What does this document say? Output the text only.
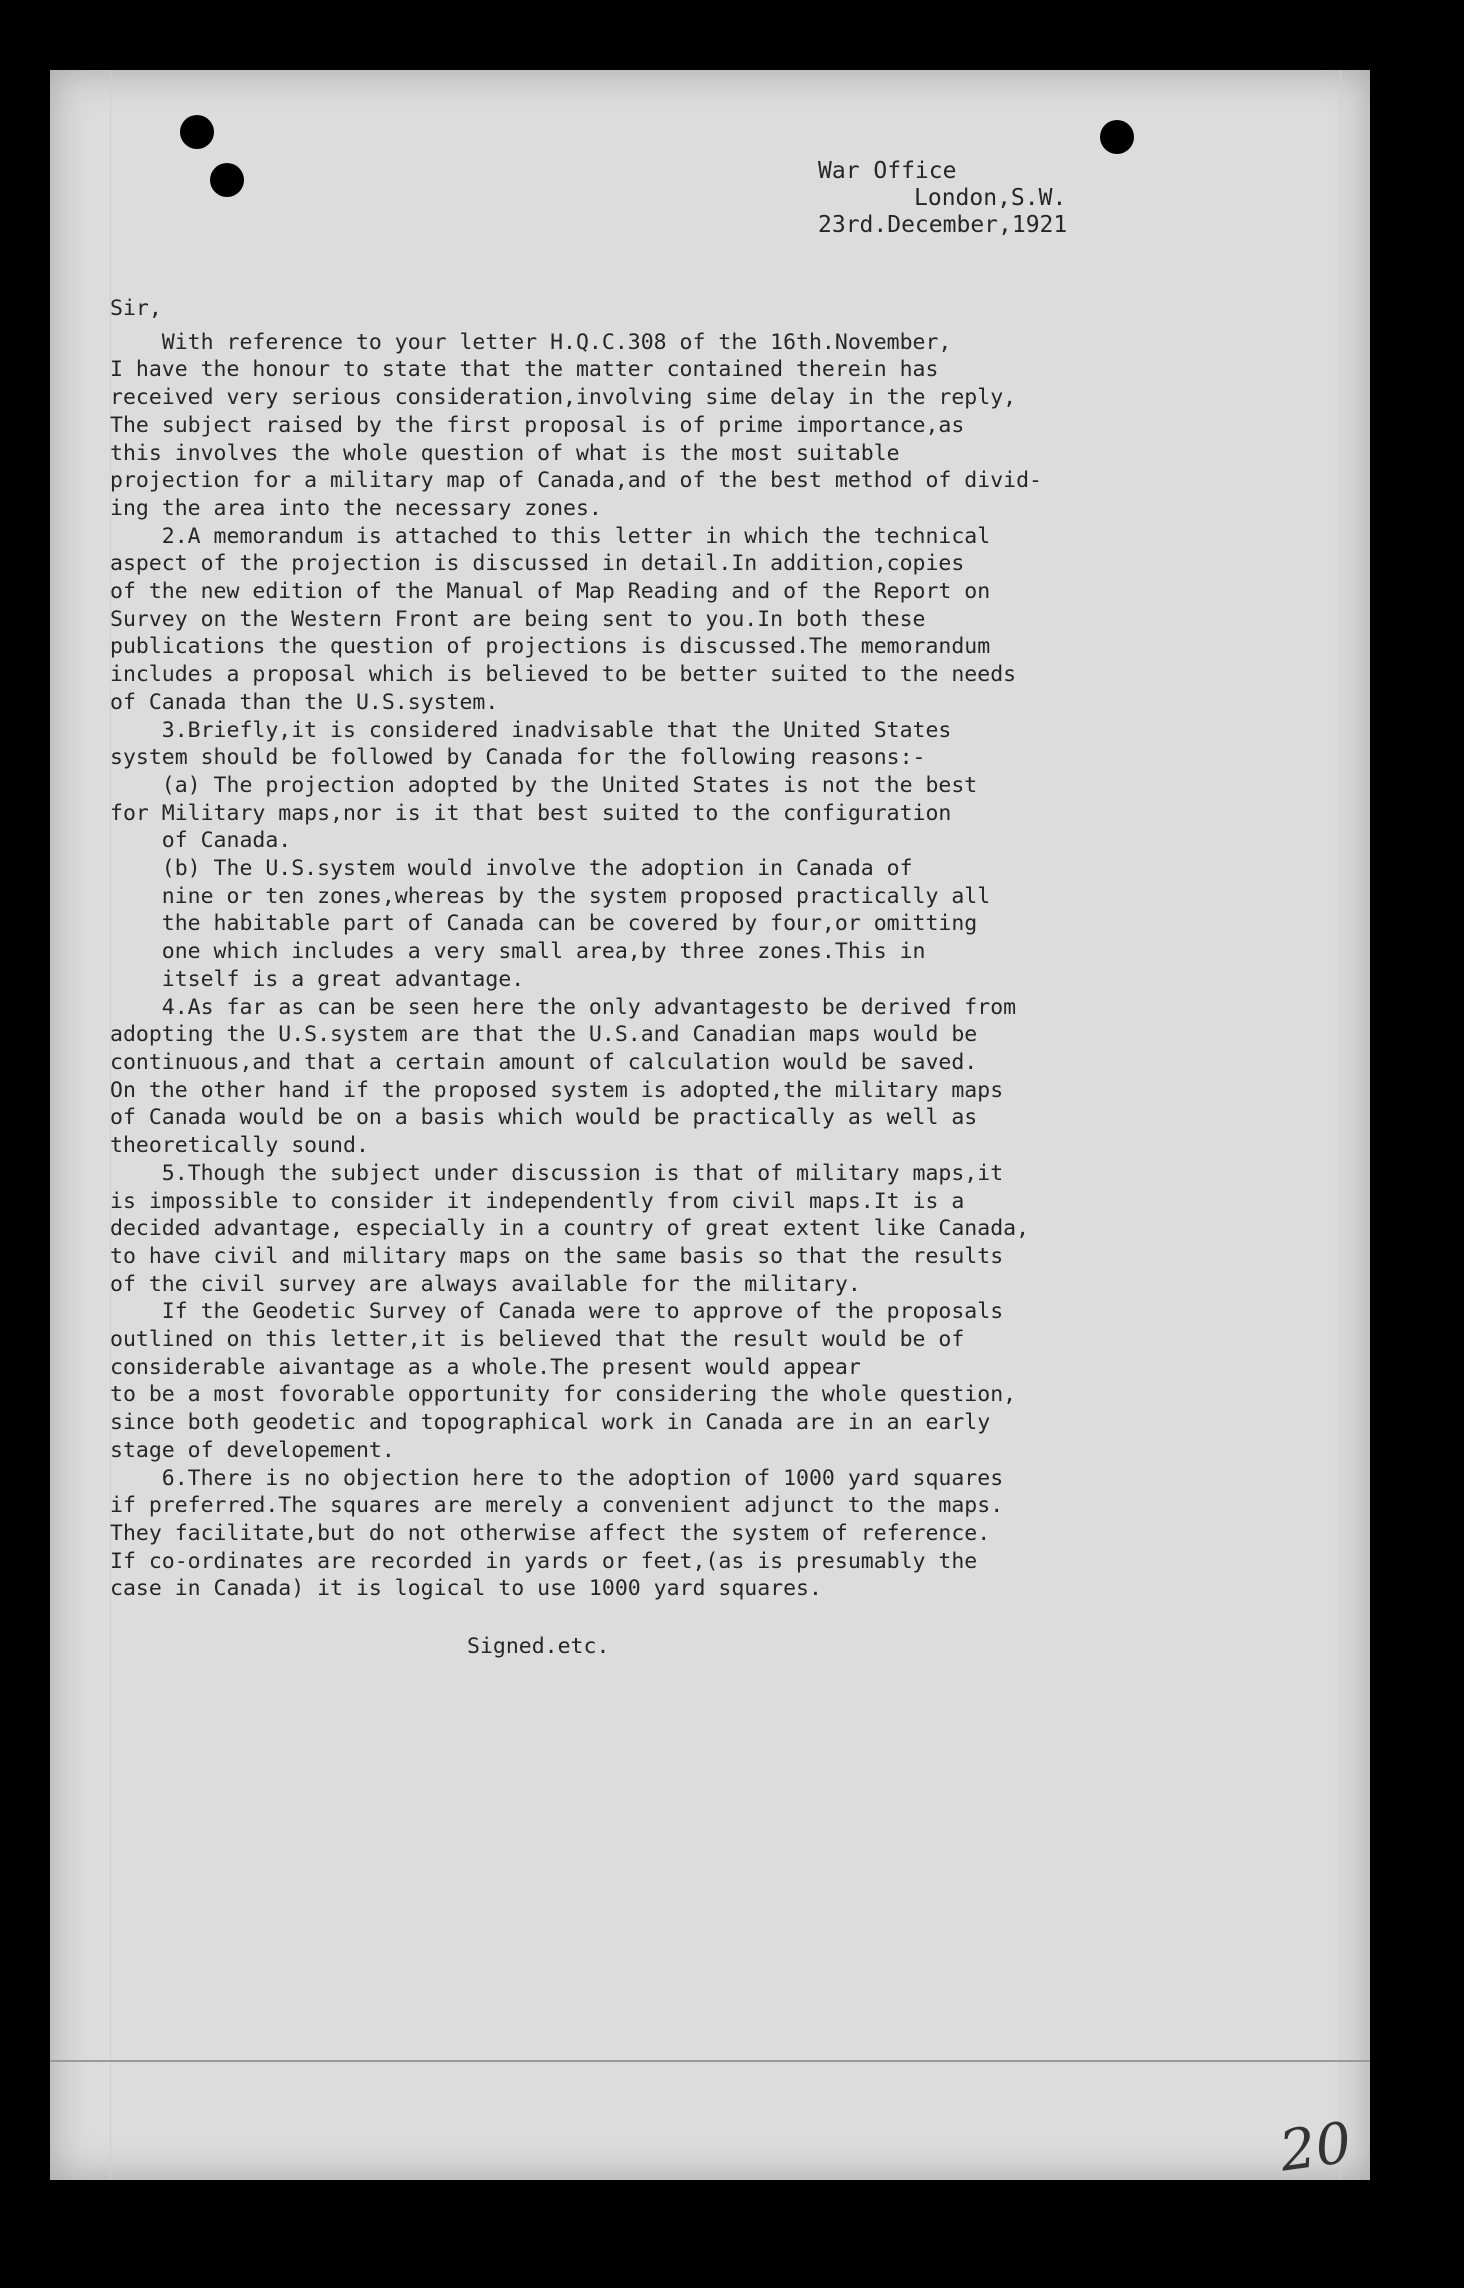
20
War Office
London,S.W.
23rd.December,1921
Sir,
With reference to your letter H.Q.C.308 of the 16th.November,
I have the honour to state that the matter contained therein has
received very serious consideration,involving sime delay in the reply,
The subject raised by the first proposal is of prime importance,as
this involves the whole question of what is the most suitable
projection for a military map of Canada,and of the best method of divid-
ing the area into the necessary zones.
2.A memorandum is attached to this letter in which the technical
aspect of the projection is discussed in detail.In addition,copies
of the new edition of the Manual of Map Reading and of the Report on
Survey on the Western Front are being sent to you.In both these
publications the question of projections is discussed.The memorandum
includes a proposal which is believed to be better suited to the needs
of Canada than the U.S.system.
3.Briefly,it is considered inadvisable that the United States
system should be followed by Canada for the following reasons:-
(a) The projection adopted by the United States is not the best
for Military maps,nor is it that best suited to the configuration
of Canada.
(b) The U.S.system would involve the adoption in Canada of
nine or ten zones,whereas by the system proposed practically all
the habitable part of Canada can be covered by four,or omitting
one which includes a very small area,by three zones.This in
itself is a great advantage.
4.As far as can be seen here the only advantagesto be derived from
adopting the U.S.system are that the U.S.and Canadian maps would be
continuous,and that a certain amount of calculation would be saved.
On the other hand if the proposed system is adopted,the military maps
of Canada would be on a basis which would be practically as well as
theoretically sound.
5.Though the subject under discussion is that of military maps,it
is impossible to consider it independently from civil maps.It is a
decided advantage, especially in a country of great extent like Canada,
to have civil and military maps on the same basis so that the results
of the civil survey are always available for the military.
If the Geodetic Survey of Canada were to approve of the proposals
outlined on this letter,it is believed that the result would be of
considerable aivantage as a whole.The present would appear
to be a most fovorable opportunity for considering the whole question,
since both geodetic and topographical work in Canada are in an early
stage of developement.
6.There is no objection here to the adoption of 1000 yard squares
if preferred.The squares are merely a convenient adjunct to the maps.
They facilitate,but do not otherwise affect the system of reference.
If co-ordinates are recorded in yards or feet,(as is presumably the
case in Canada) it is logical to use 1000 yard squares.
Signed.etc.
